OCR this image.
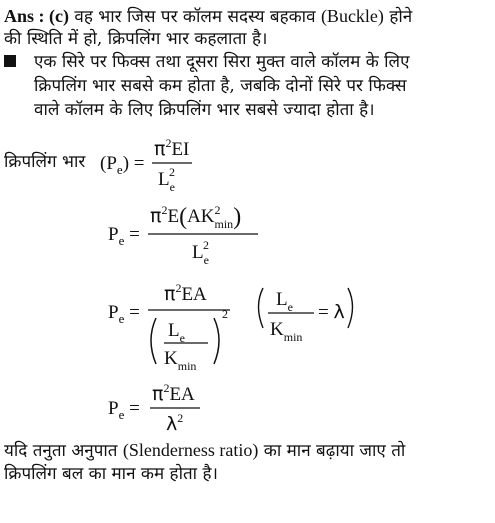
Ans : (c) वह भार जिस पर कॉलम सदस्य बहकाव (Buckle) होने
की स्थिति में हो, क्रिपलिंग भार कहलाता है।
एक सिरे पर फिक्स तथा दूसरा सिरा मुक्त वाले कॉलम के लिए
क्रिपलिंग भार सबसे कम होता है, जबकि दोनों सिरे पर फिक्स
वाले कॉलम के लिए क्रिपलिंग भार सबसे ज्यादा होता है।
क्रिपलिंग भार $(P_e)$ =
$\pi^2EI$
$L_e2$
$P_e$ =
$\pi^2E(AK^2$ min)
$L_e2$
$P_e$ =
$\pi^2EA$
$L_e$
$K_{min}$
2
$L_e$
$K_{min}$
= λ
$P_e$ =
$\pi^2EA$
$\lambda^2$
यदि तनुता अनुपात (Slenderness ratio) का मान बढ़ाया जाए तो
क्रिपलिंग बल का मान कम होता है।
